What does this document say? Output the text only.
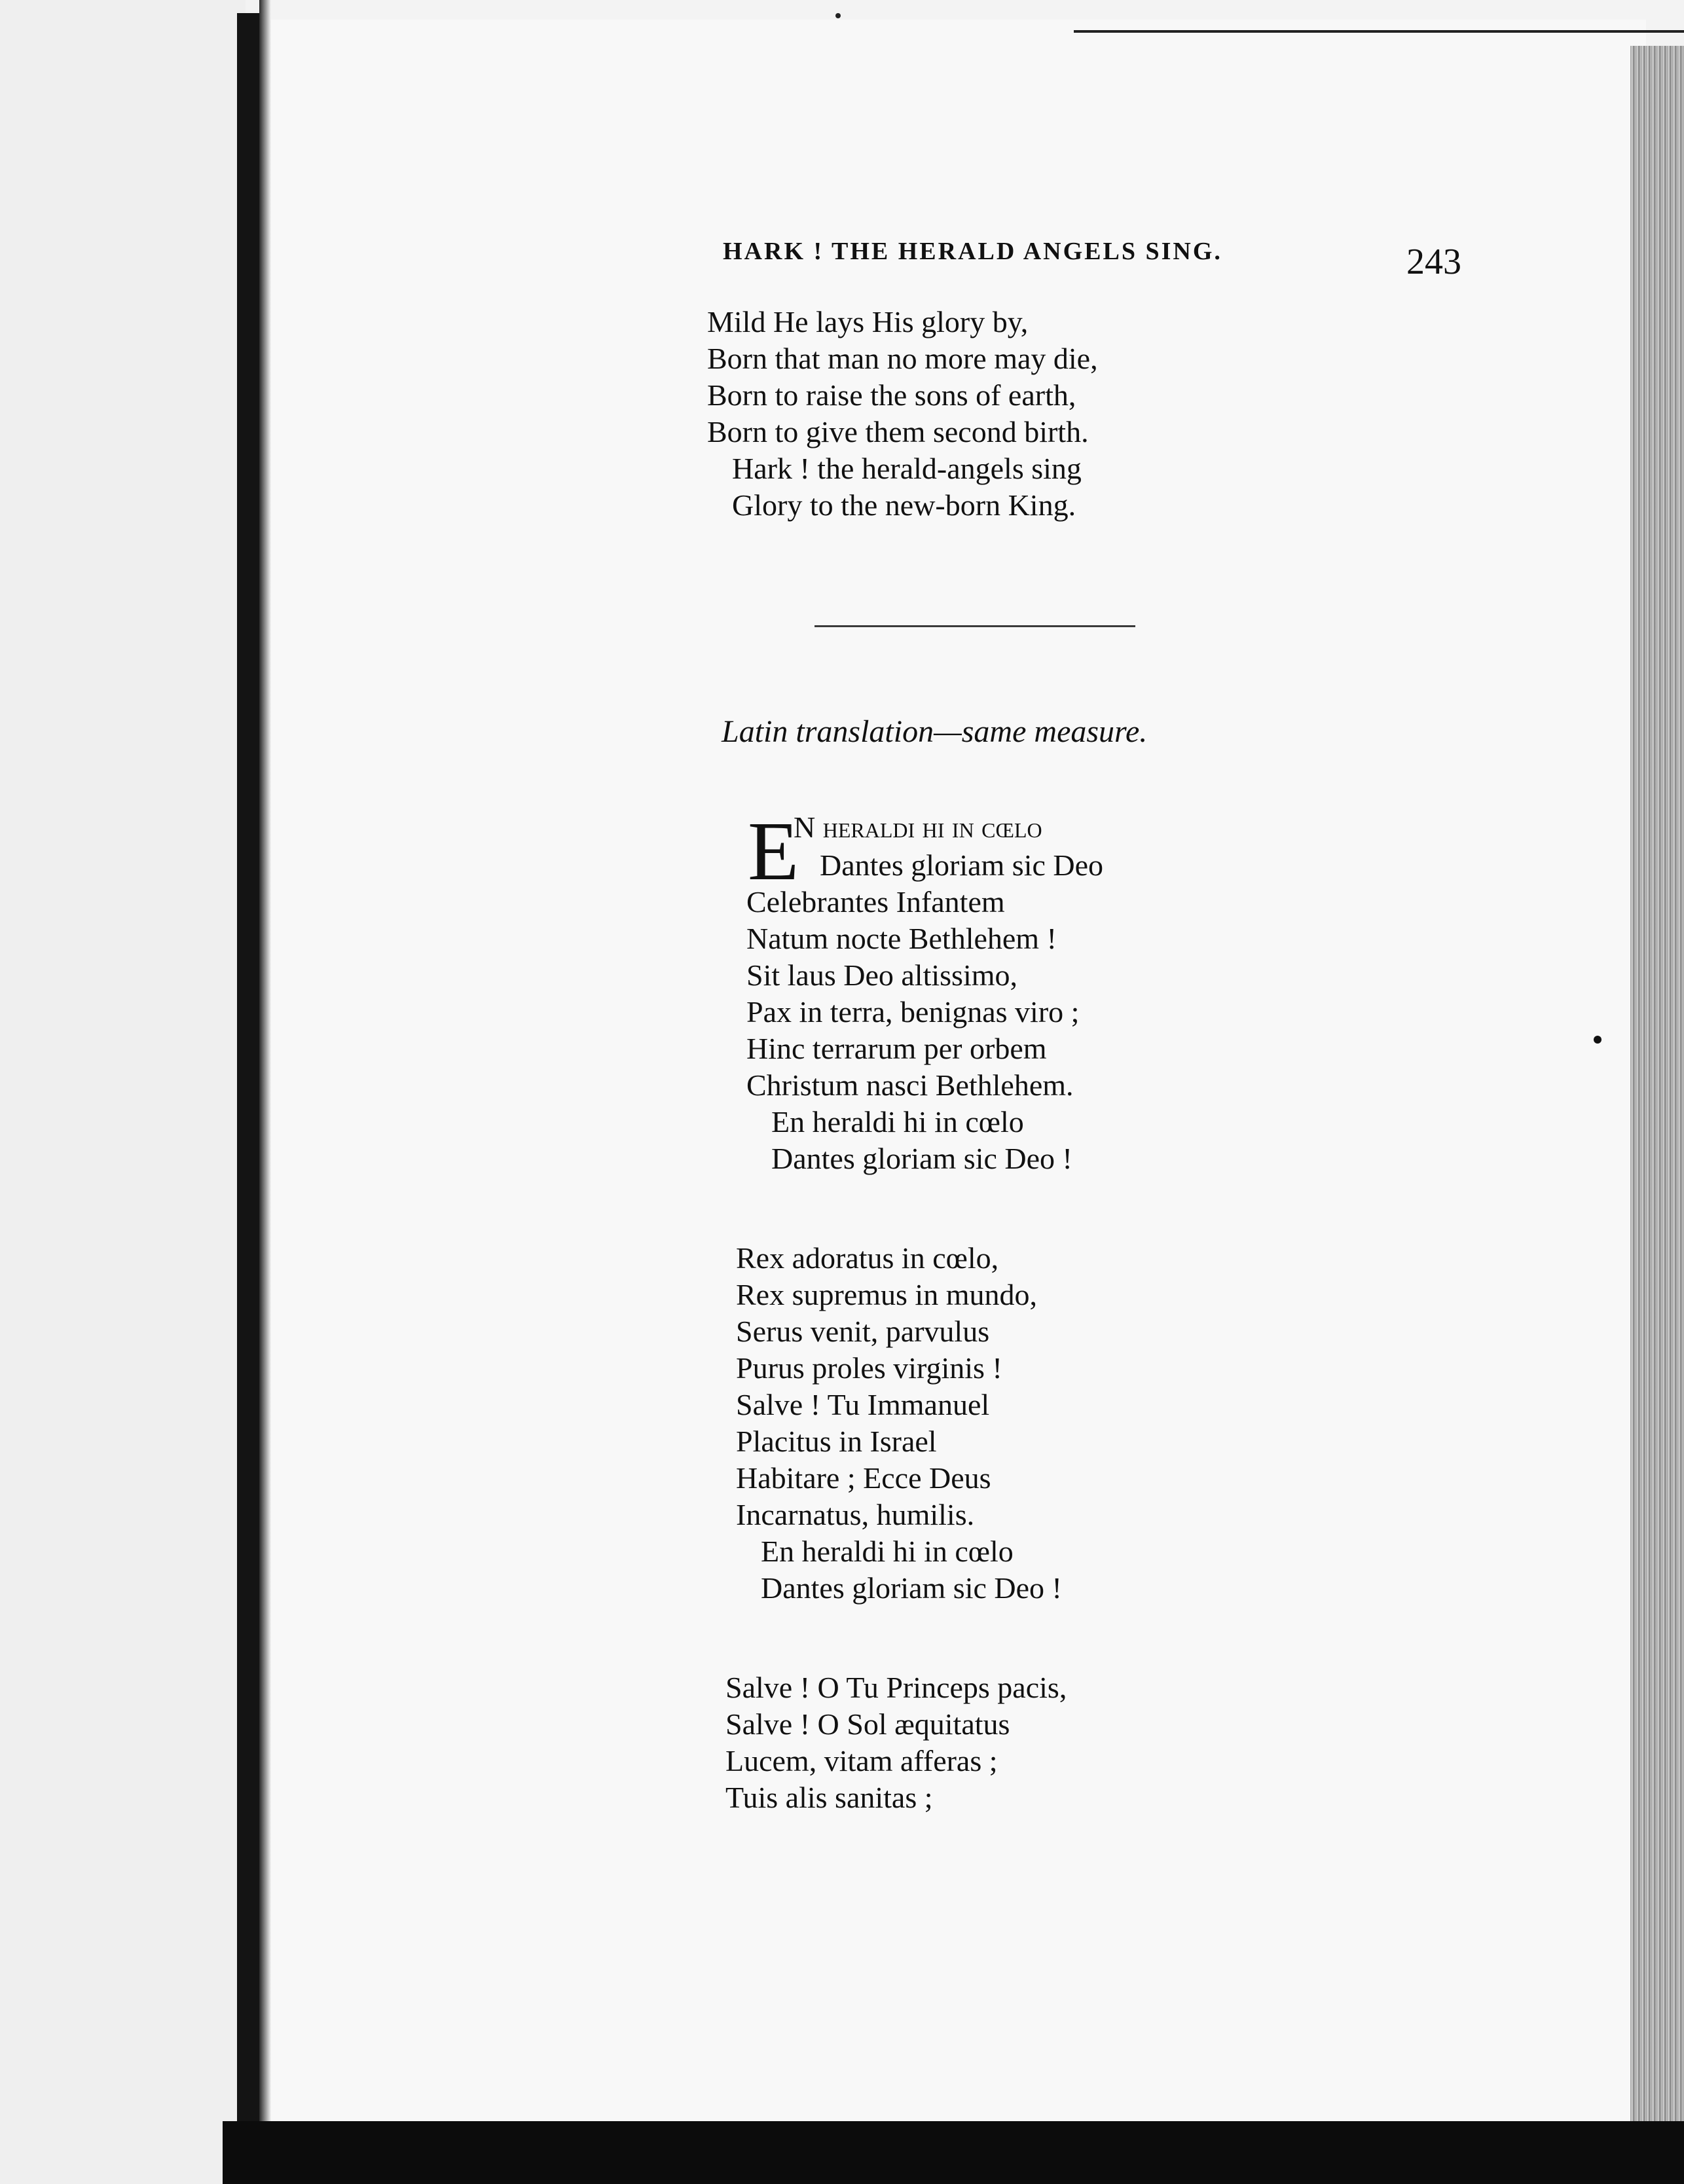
HARK ! THE HERALD ANGELS SING.	243
Mild He lays His glory by,
Born that man no more may die,
Born to raise the sons of earth,
Born to give them second birth.
Hark ! the herald-angels sing
Glory to the new-born King.
Latin translation—same measure.
E
N heraldi hi in cœlo
Dantes gloriam sic Deo
Celebrantes Infantem
Natum nocte Bethlehem !
Sit laus Deo altissimo,
Pax in terra, benignas viro ;
Hinc terrarum per orbem
Christum nasci Bethlehem.
En heraldi hi in cœlo
Dantes gloriam sic Deo !
Rex adoratus in cœlo,
Rex supremus in mundo,
Serus venit, parvulus
Purus proles virginis !
Salve ! Tu Immanuel
Placitus in Israel
Habitare ; Ecce Deus
Incarnatus, humilis.
En heraldi hi in cœlo
Dantes gloriam sic Deo !
Salve ! O Tu Princeps pacis,
Salve ! O Sol æquitatus
Lucem, vitam afferas ;
Tuis alis sanitas ;
